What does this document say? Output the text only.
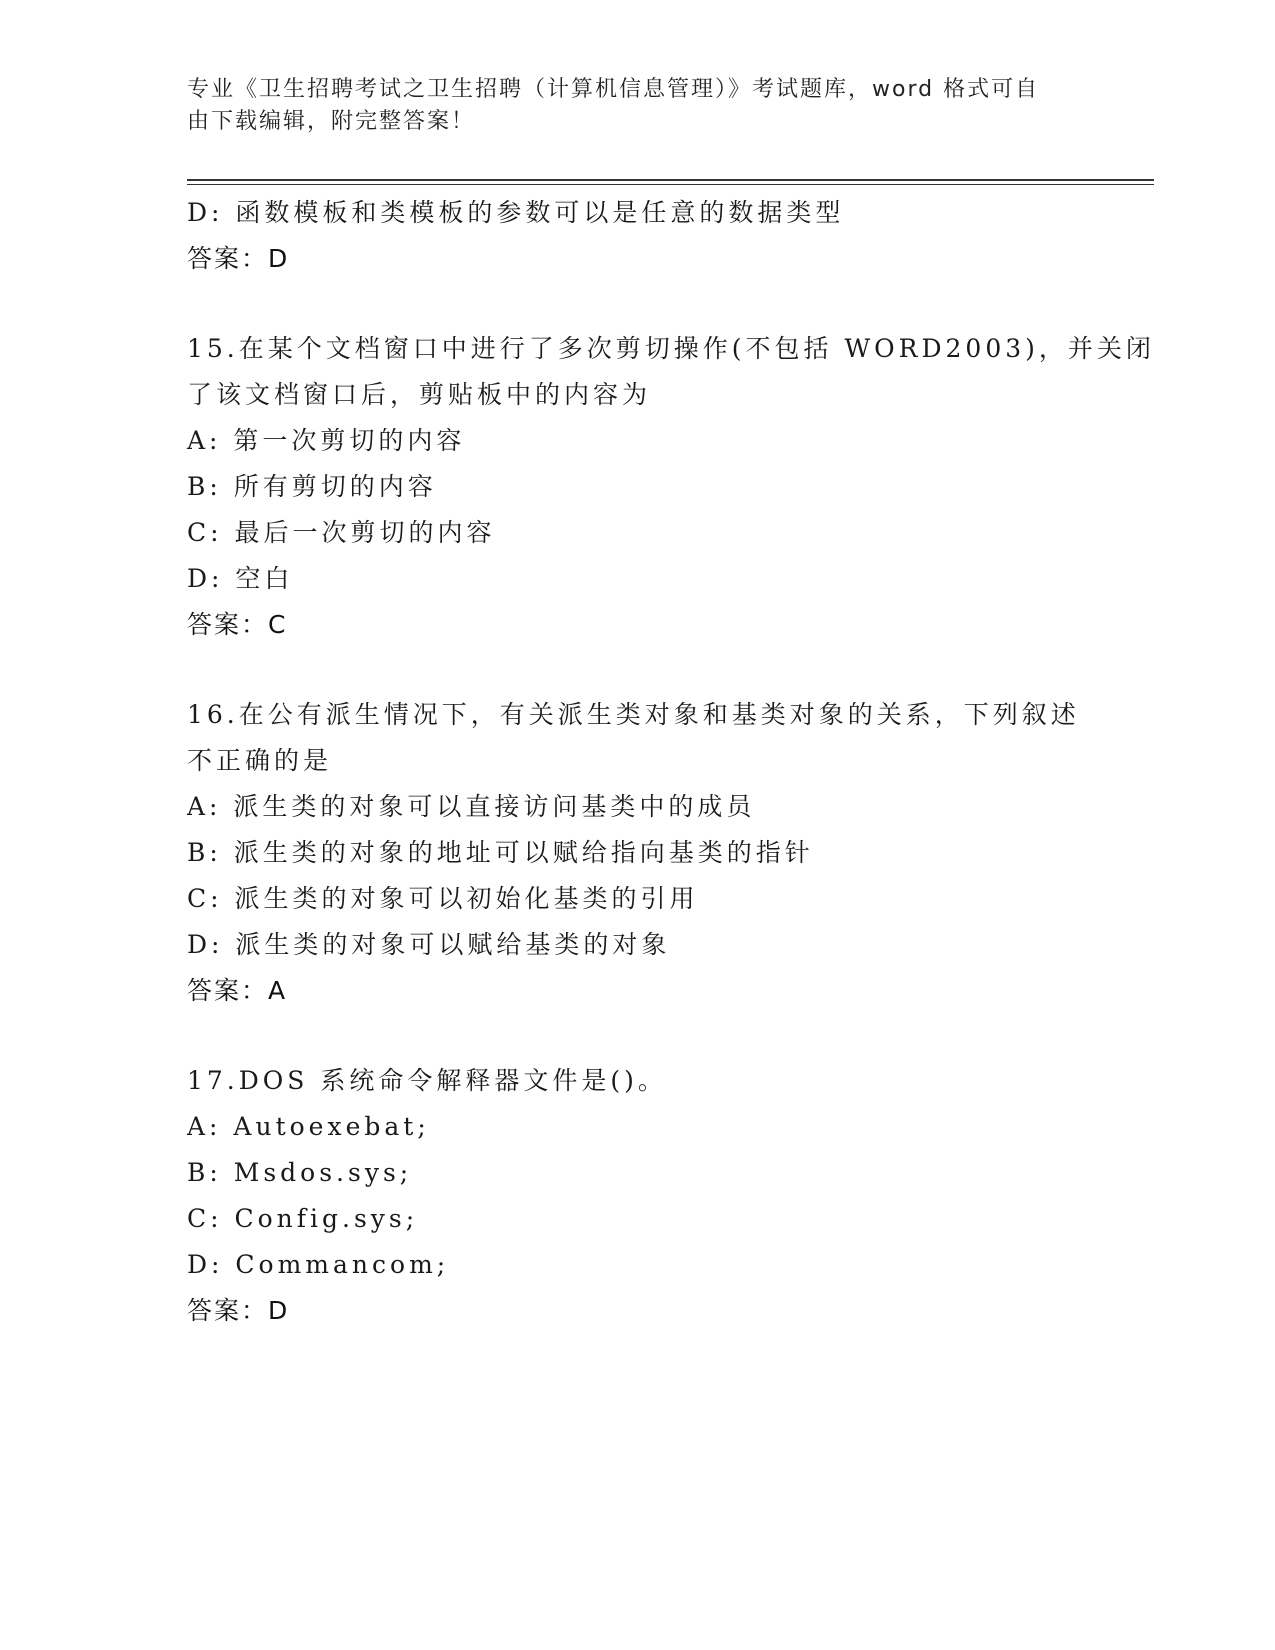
专业《卫生招聘考试之卫生招聘（计算机信息管理）》考试题库，word 格式可自
由下载编辑，附完整答案！
D: 函数模板和类模板的参数可以是任意的数据类型
答案：D
15.在某个文档窗口中进行了多次剪切操作(不包括 WORD2003)，并关闭
了该文档窗口后，剪贴板中的内容为
A: 第一次剪切的内容
B: 所有剪切的内容
C: 最后一次剪切的内容
D: 空白
答案：C
16.在公有派生情况下，有关派生类对象和基类对象的关系，下列叙述
不正确的是
A: 派生类的对象可以直接访问基类中的成员
B: 派生类的对象的地址可以赋给指向基类的指针
C: 派生类的对象可以初始化基类的引用
D: 派生类的对象可以赋给基类的对象
答案：A
17.DOS 系统命令解释器文件是()。
A: Autoexebat;
B: Msdos.sys;
C: Config.sys;
D: Commancom;
答案：D
